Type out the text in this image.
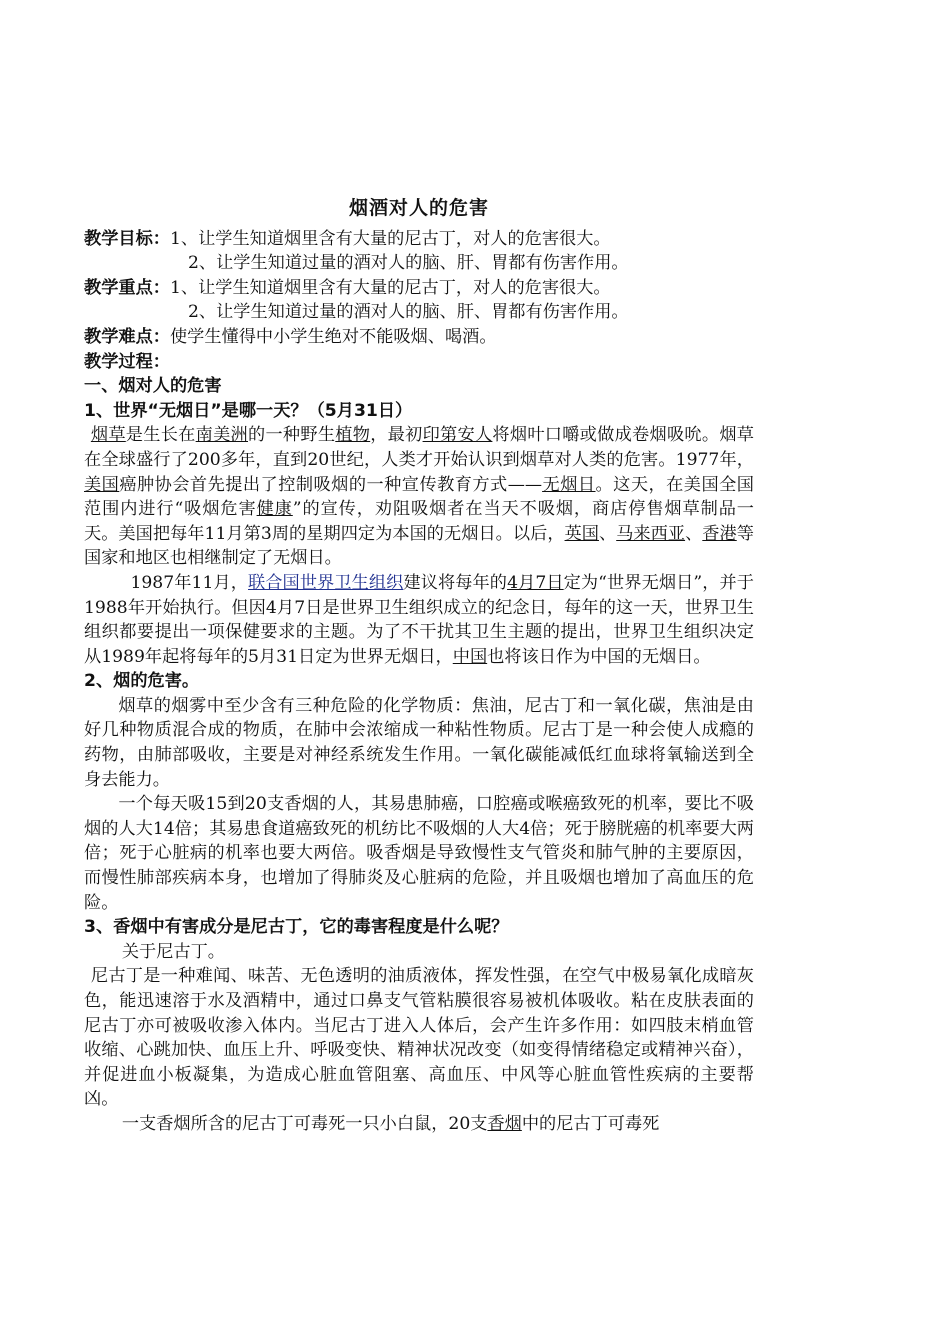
烟酒对人的危害
教学目标：1、让学生知道烟里含有大量的尼古丁，对人的危害很大。
2、让学生知道过量的酒对人的脑、肝、胃都有伤害作用。
教学重点：1、让学生知道烟里含有大量的尼古丁，对人的危害很大。
2、让学生知道过量的酒对人的脑、肝、胃都有伤害作用。
教学难点：使学生懂得中小学生绝对不能吸烟、喝酒。
教学过程：
一、烟对人的危害
1、世界“无烟日”是哪一天？（5月31日）
烟草是生长在南美洲的一种野生植物，最初印第安人将烟叶口嚼或做成卷烟吸吮。烟草在全球盛行了200多年，直到20世纪，人类才开始认识到烟草对人类的危害。1977年，美国癌肿协会首先提出了控制吸烟的一种宣传教育方式——无烟日。这天，在美国全国范围内进行“吸烟危害健康”的宣传，劝阻吸烟者在当天不吸烟，商店停售烟草制品一天。美国把每年11月第3周的星期四定为本国的无烟日。以后，英国、马来西亚、香港等国家和地区也相继制定了无烟日。
1987年11月，联合国世界卫生组织建议将每年的4月7日定为“世界无烟日”，并于1988年开始执行。但因4月7日是世界卫生组织成立的纪念日，每年的这一天，世界卫生组织都要提出一项保健要求的主题。为了不干扰其卫生主题的提出，世界卫生组织决定从1989年起将每年的5月31日定为世界无烟日，中国也将该日作为中国的无烟日。
2、烟的危害。
烟草的烟雾中至少含有三种危险的化学物质：焦油，尼古丁和一氧化碳，焦油是由好几种物质混合成的物质，在肺中会浓缩成一种粘性物质。尼古丁是一种会使人成瘾的药物，由肺部吸收，主要是对神经系统发生作用。一氧化碳能减低红血球将氧输送到全身去能力。
一个每天吸15到20支香烟的人，其易患肺癌，口腔癌或喉癌致死的机率，要比不吸烟的人大14倍；其易患食道癌致死的机纺比不吸烟的人大4倍；死于膀胱癌的机率要大两倍；死于心脏病的机率也要大两倍。吸香烟是导致慢性支气管炎和肺气肿的主要原因，而慢性肺部疾病本身，也增加了得肺炎及心脏病的危险，并且吸烟也增加了高血压的危险。
3、香烟中有害成分是尼古丁，它的毒害程度是什么呢？
关于尼古丁。
尼古丁是一种难闻、味苦、无色透明的油质液体，挥发性强，在空气中极易氧化成暗灰色，能迅速溶于水及酒精中，通过口鼻支气管粘膜很容易被机体吸收。粘在皮肤表面的尼古丁亦可被吸收渗入体内。当尼古丁进入人体后，会产生许多作用：如四肢末梢血管收缩、心跳加快、血压上升、呼吸变快、精神状况改变（如变得情绪稳定或精神兴奋），并促进血小板凝集，为造成心脏血管阻塞、高血压、中风等心脏血管性疾病的主要帮凶。
一支香烟所含的尼古丁可毒死一只小白鼠，20支香烟中的尼古丁可毒死
